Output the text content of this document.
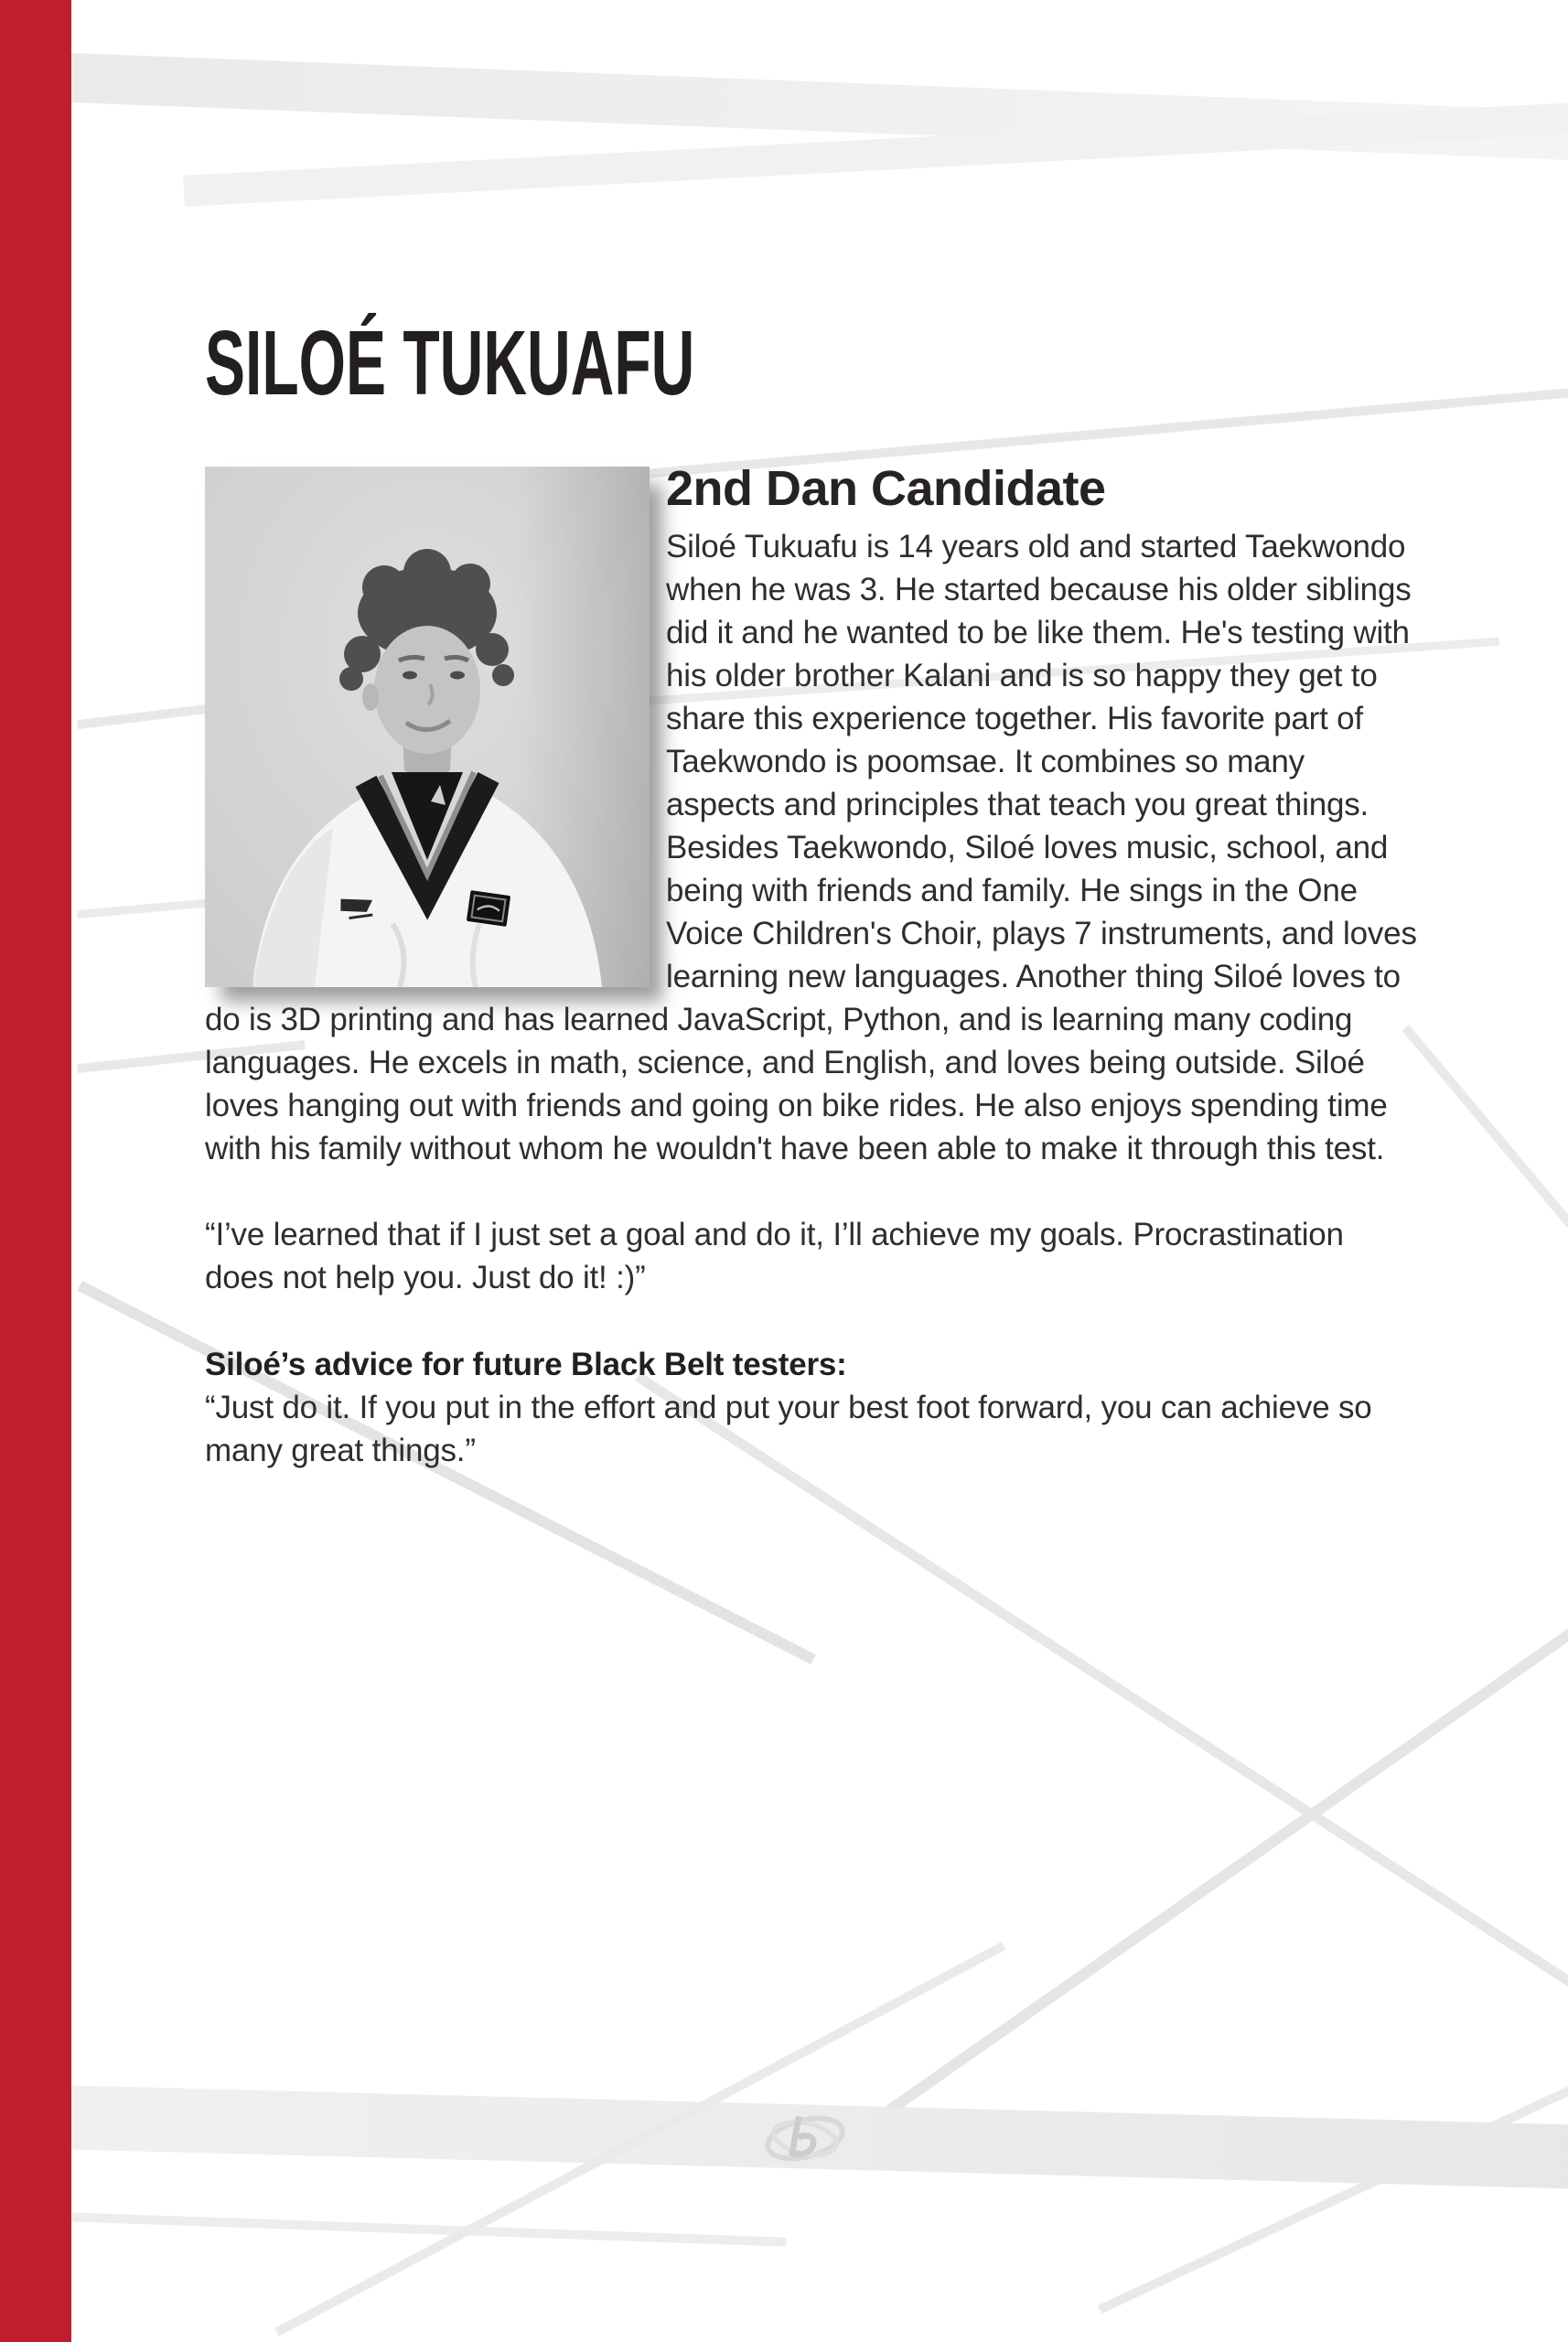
SILOÉ TUKUAFU
2nd Dan Candidate

Siloé Tukuafu is 14 years old and started Taekwondo when he was 3. He started because his older siblings did it and he wanted to be like them. He's testing with his older brother Kalani and is so happy they get to share this experience together. His favorite part of Taekwondo is poomsae. It combines so many aspects and principles that teach you great things. Besides Taekwondo, Siloé loves music, school, and being with friends and family. He sings in the One Voice Children's Choir, plays 7 instruments, and loves learning new languages. Another thing Siloé loves to do is 3D printing and has learned JavaScript, Python, and is learning many coding languages. He excels in math, science, and English, and loves being outside. Siloé loves hanging out with friends and going on bike rides. He also enjoys spending time with his family without whom he wouldn't have been able to make it through this test.

“I’ve learned that if I just set a goal and do it, I’ll achieve my goals. Procrastination does not help you. Just do it! :)”

Siloé’s advice for future Black Belt testers:

“Just do it. If you put in the effort and put your best foot forward, you can achieve so many great things.”
